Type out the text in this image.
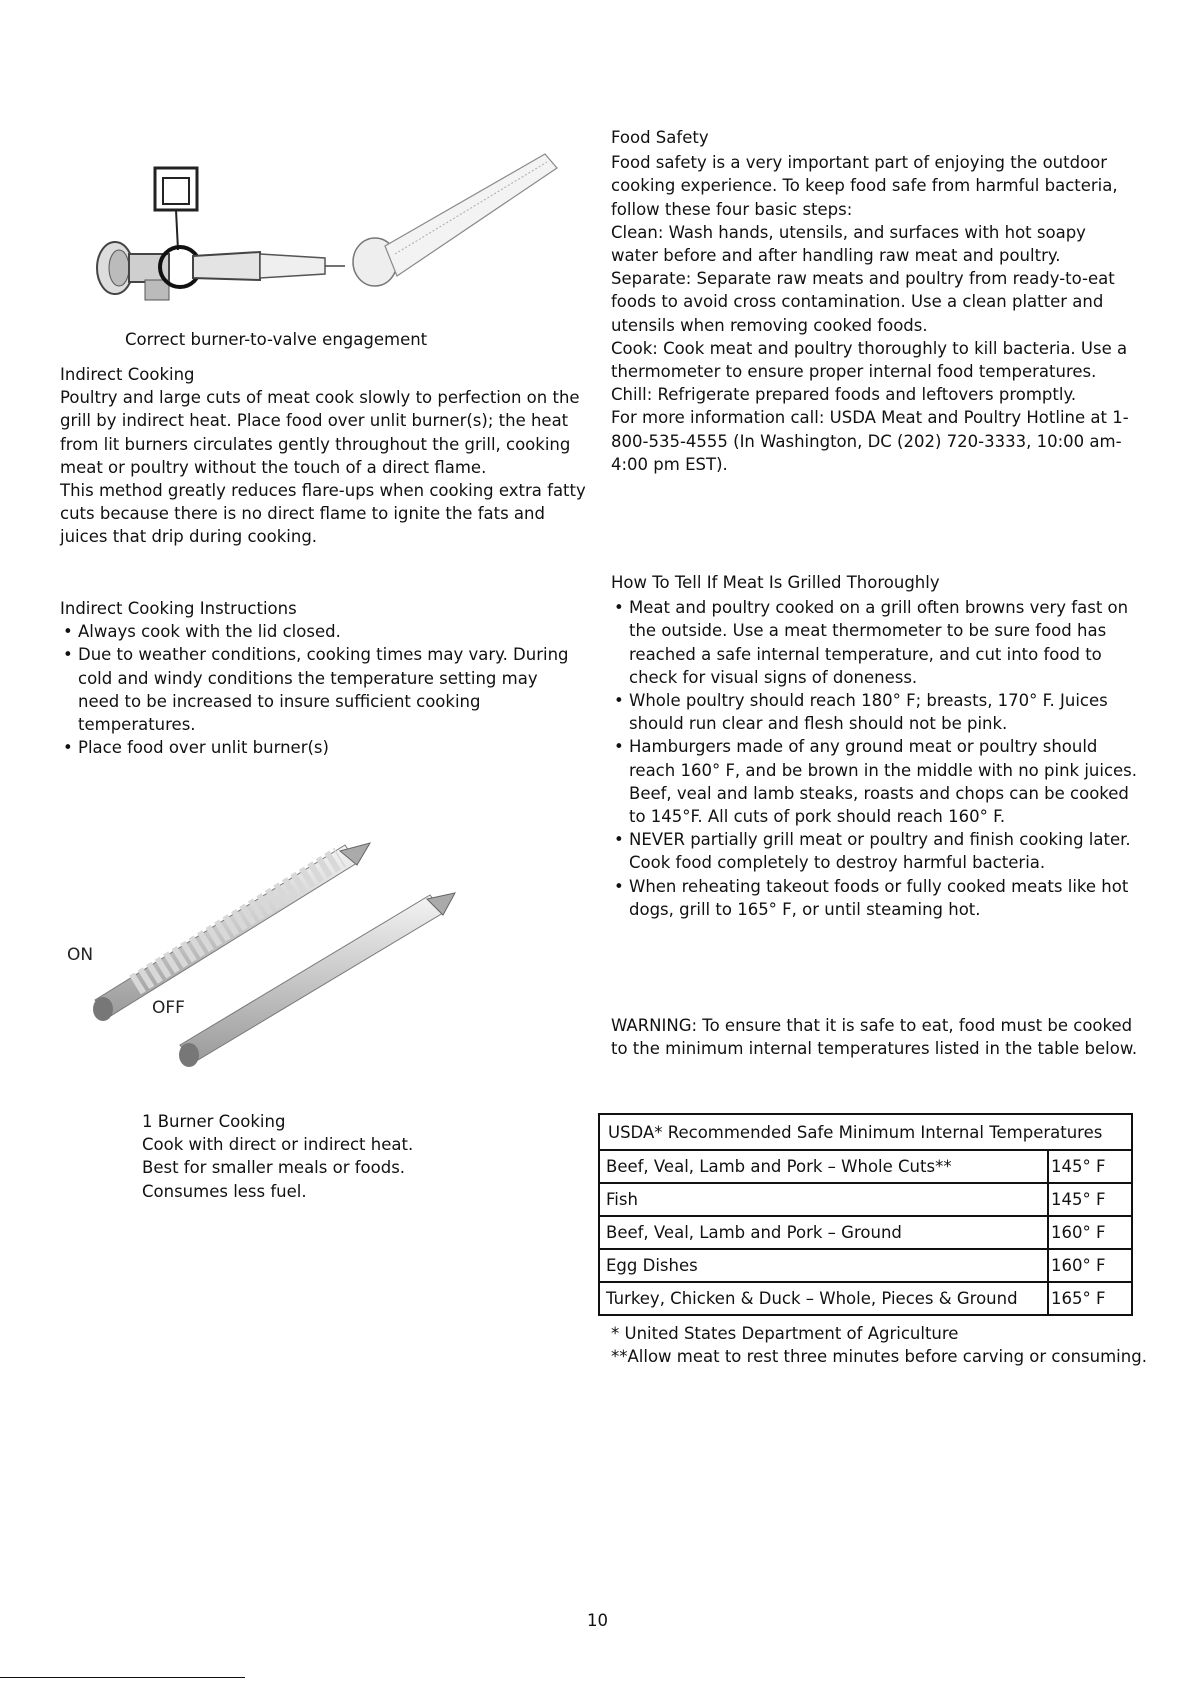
Correct burner-to-valve engagement

Indirect Cooking

Poultry and large cuts of meat cook slowly to perfection on the grill by indirect heat. Place food over unlit burner(s); the heat from lit burners circulates gently throughout the grill, cooking meat or poultry without the touch of a direct flame.

This method greatly reduces flare-ups when cooking extra fatty cuts because there is no direct flame to ignite the fats and juices that drip during cooking.

Indirect Cooking Instructions

• Always cook with the lid closed.

• Due to weather conditions, cooking times may vary. During cold and windy conditions the temperature setting may need to be increased to insure sufficient cooking temperatures.

• Place food over unlit burner(s)

ON
OFF

1 Burner Cooking

Cook with direct or indirect heat.

Best for smaller meals or foods.

Consumes less fuel.

Food Safety

Food safety is a very important part of enjoying the outdoor cooking experience. To keep food safe from harmful bacteria, follow these four basic steps:

Clean: Wash hands, utensils, and surfaces with hot soapy water before and after handling raw meat and poultry.

Separate: Separate raw meats and poultry from ready-to-eat foods to avoid cross contamination. Use a clean platter and utensils when removing cooked foods.

Cook: Cook meat and poultry thoroughly to kill bacteria. Use a thermometer to ensure proper internal food temperatures.

Chill: Refrigerate prepared foods and leftovers promptly.

For more information call: USDA Meat and Poultry Hotline at 1-800-535-4555 (In Washington, DC (202) 720-3333, 10:00 am-4:00 pm EST).

How To Tell If Meat Is Grilled Thoroughly

• Meat and poultry cooked on a grill often browns very fast on the outside. Use a meat thermometer to be sure food has reached a safe internal temperature, and cut into food to check for visual signs of doneness.

• Whole poultry should reach 180° F; breasts, 170° F. Juices should run clear and flesh should not be pink.

• Hamburgers made of any ground meat or poultry should reach 160° F, and be brown in the middle with no pink juices. Beef, veal and lamb steaks, roasts and chops can be cooked to 145°F. All cuts of pork should reach 160° F.

• NEVER partially grill meat or poultry and finish cooking later. Cook food completely to destroy harmful bacteria.

• When reheating takeout foods or fully cooked meats like hot dogs, grill to 165° F, or until steaming hot.

WARNING: To ensure that it is safe to eat, food must be cooked to the minimum internal temperatures listed in the table below.
USDA* Recommended Safe Minimum Internal Temperatures	
Beef, Veal, Lamb and Pork – Whole Cuts**	145° F
Fish	145° F
Beef, Veal, Lamb and Pork – Ground	160° F
Egg Dishes	160° F
Turkey, Chicken & Duck – Whole, Pieces & Ground	165° F

* United States Department of Agriculture

**Allow meat to rest three minutes before carving or consuming.

10
